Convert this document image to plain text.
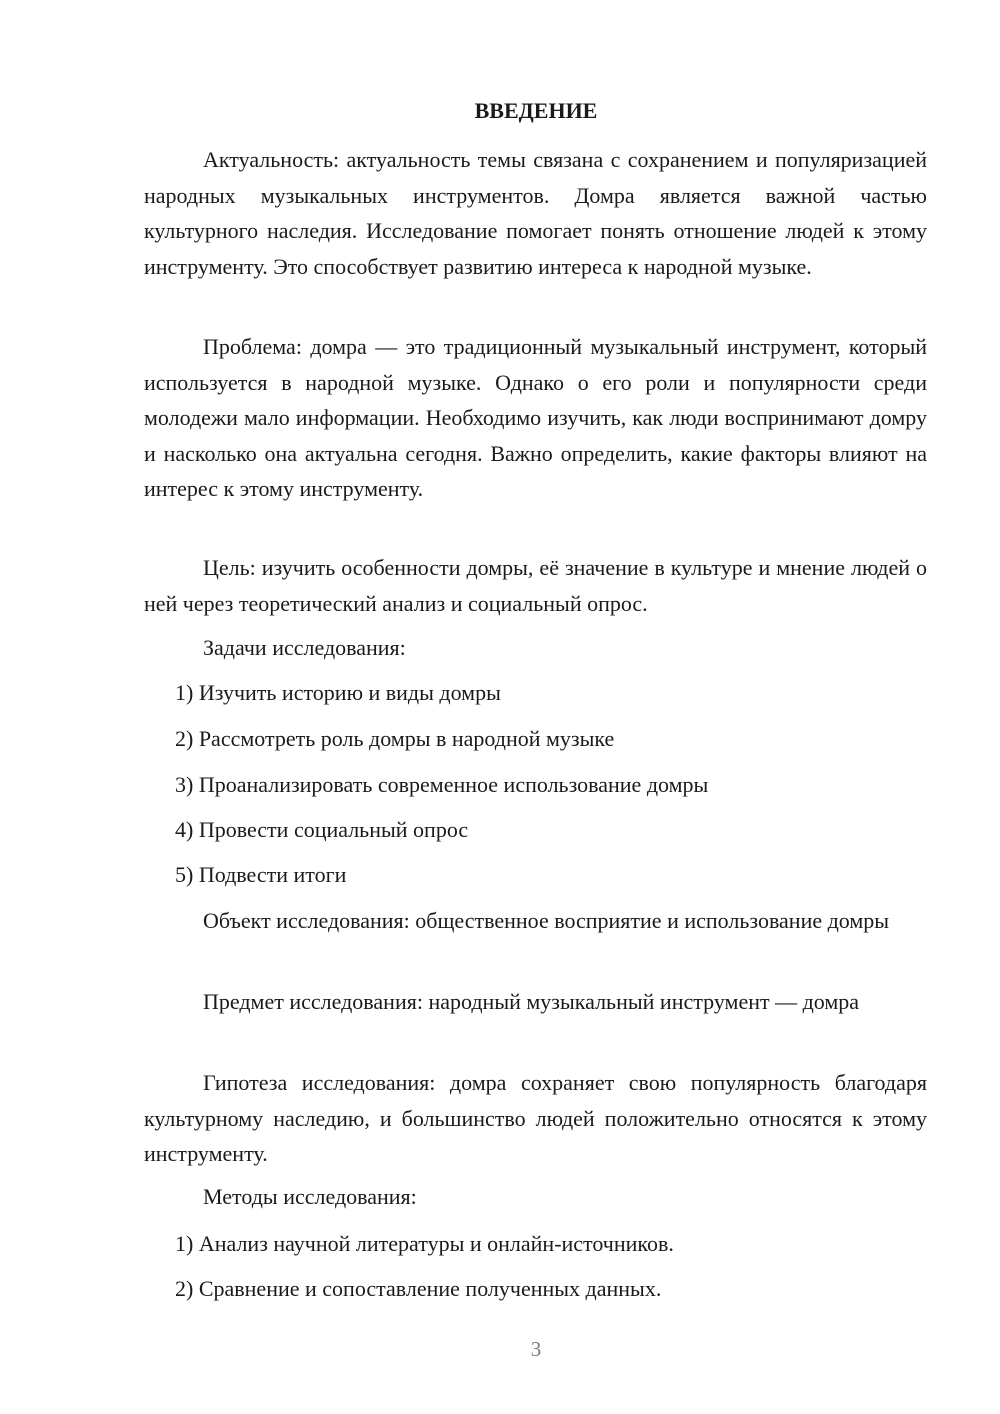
ВВЕДЕНИЕ

Актуальность: актуальность темы связана с сохранением и популяризацией народных музыкальных инструментов. Домра является важной частью культурного наследия. Исследование помогает понять отношение людей к этому инструменту. Это способствует развитию интереса к народной музыке.

Проблема: домра — это традиционный музыкальный инструмент, который используется в народной музыке. Однако о его роли и популярности среди молодежи мало информации. Необходимо изучить, как люди воспринимают домру и насколько она актуальна сегодня. Важно определить, какие факторы влияют на интерес к этому инструменту.

Цель: изучить особенности домры, её значение в культуре и мнение людей о ней через теоретический анализ и социальный опрос.

Задачи исследования:

1) Изучить историю и виды домры

2) Рассмотреть роль домры в народной музыке

3) Проанализировать современное использование домры

4) Провести социальный опрос

5) Подвести итоги

Объект исследования: общественное восприятие и использование домры

Предмет исследования: народный музыкальный инструмент — домра

Гипотеза исследования: домра сохраняет свою популярность благодаря культурному наследию, и большинство людей положительно относятся к этому инструменту.

Методы исследования:

1) Анализ научной литературы и онлайн-источников.

2) Сравнение и сопоставление полученных данных.

3
